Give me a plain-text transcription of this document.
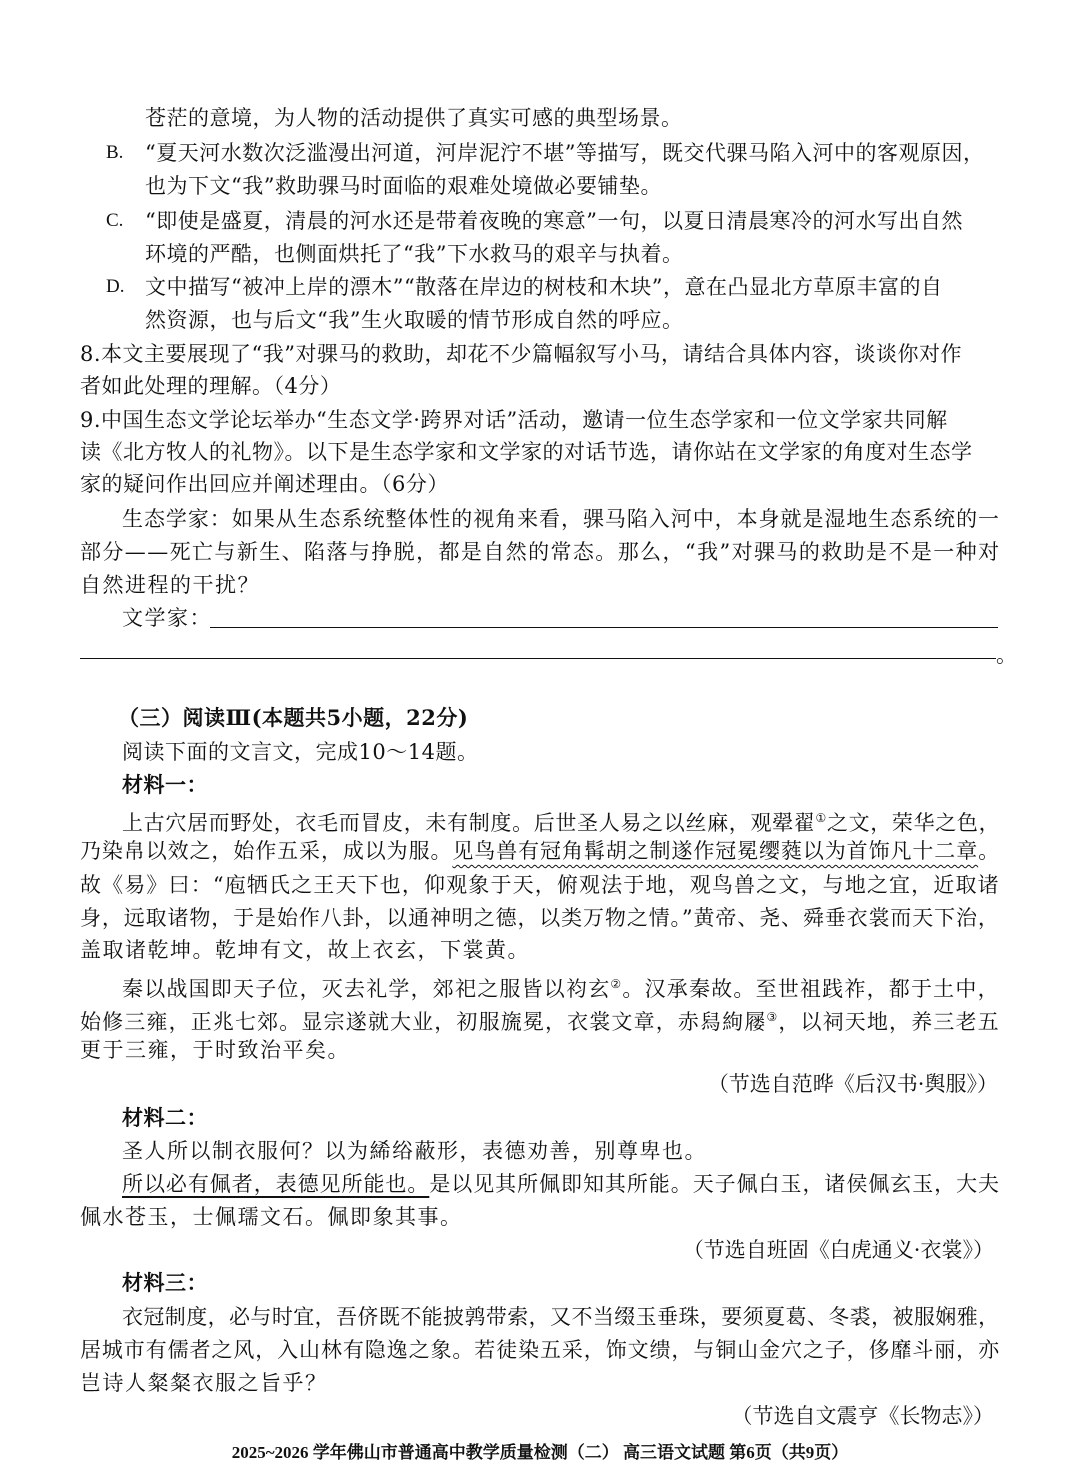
苍茫的意境，为人物的活动提供了真实可感的典型场景。
B. “夏天河水数次泛滥漫出河道，河岸泥泞不堪”等描写，既交代骒马陷入河中的客观原因，
也为下文“我”救助骒马时面临的艰难处境做必要铺垫。
C. “即使是盛夏，清晨的河水还是带着夜晚的寒意”一句，以夏日清晨寒冷的河水写出自然
环境的严酷，也侧面烘托了“我”下水救马的艰辛与执着。
D. 文中描写“被冲上岸的漂木”“散落在岸边的树枝和木块”，意在凸显北方草原丰富的自
然资源，也与后文“我”生火取暖的情节形成自然的呼应。
8.本文主要展现了“我”对骒马的救助，却花不少篇幅叙写小马，请结合具体内容，谈谈你对作
者如此处理的理解。（4分）
9.中国生态文学论坛举办“生态文学·跨界对话”活动，邀请一位生态学家和一位文学家共同解
读《北方牧人的礼物》。以下是生态学家和文学家的对话节选，请你站在文学家的角度对生态学
家的疑问作出回应并阐述理由。（6分）
生态学家：如果从生态系统整体性的视角来看，骒马陷入河中，本身就是湿地生态系统的一
部分——死亡与新生、陷落与挣脱，都是自然的常态。那么，“我”对骒马的救助是不是一种对
自然进程的干扰？
文学家：
。
（三）阅读Ⅲ(本题共5小题，22分)
阅读下面的文言文，完成10～14题。
材料一：
上古穴居而野处，衣毛而冒皮，未有制度。后世圣人易之以丝麻，观翚翟①之文，荣华之色，
乃染帛以效之，始作五采，成以为服。见鸟兽有冠角髯胡之制遂作冠冕缨蕤以为首饰凡十二章。
故《易》曰：“庖牺氏之王天下也，仰观象于天，俯观法于地，观鸟兽之文，与地之宜，近取诸
身，远取诸物，于是始作八卦，以通神明之德，以类万物之情。”黄帝、尧、舜垂衣裳而天下治，
盖取诸乾坤。乾坤有文，故上衣玄，下裳黄。
秦以战国即天子位，灭去礼学，郊祀之服皆以袀玄②。汉承秦故。至世祖践祚，都于土中，
始修三雍，正兆七郊。显宗遂就大业，初服旒冕，衣裳文章，赤舄絇屦③，以祠天地，养三老五
更于三雍，于时致治平矣。
（节选自范晔《后汉书·舆服》）
材料二：
圣人所以制衣服何？以为絺绤蔽形，表德劝善，别尊卑也。
所以必有佩者，表德见所能也。是以见其所佩即知其所能。天子佩白玉，诸侯佩玄玉，大夫
佩水苍玉，士佩瓀文石。佩即象其事。
（节选自班固《白虎通义·衣裳》）
材料三：
衣冠制度，必与时宜，吾侪既不能披鹑带索，又不当缀玉垂珠，要须夏葛、冬裘，被服娴雅，
居城市有儒者之风，入山林有隐逸之象。若徒染五采，饰文缋，与铜山金穴之子，侈靡斗丽，亦
岂诗人粲粲衣服之旨乎？
（节选自文震亨《长物志》）
2025~2026 学年佛山市普通高中教学质量检测（二） 高三语文试题 第6页（共9页）
